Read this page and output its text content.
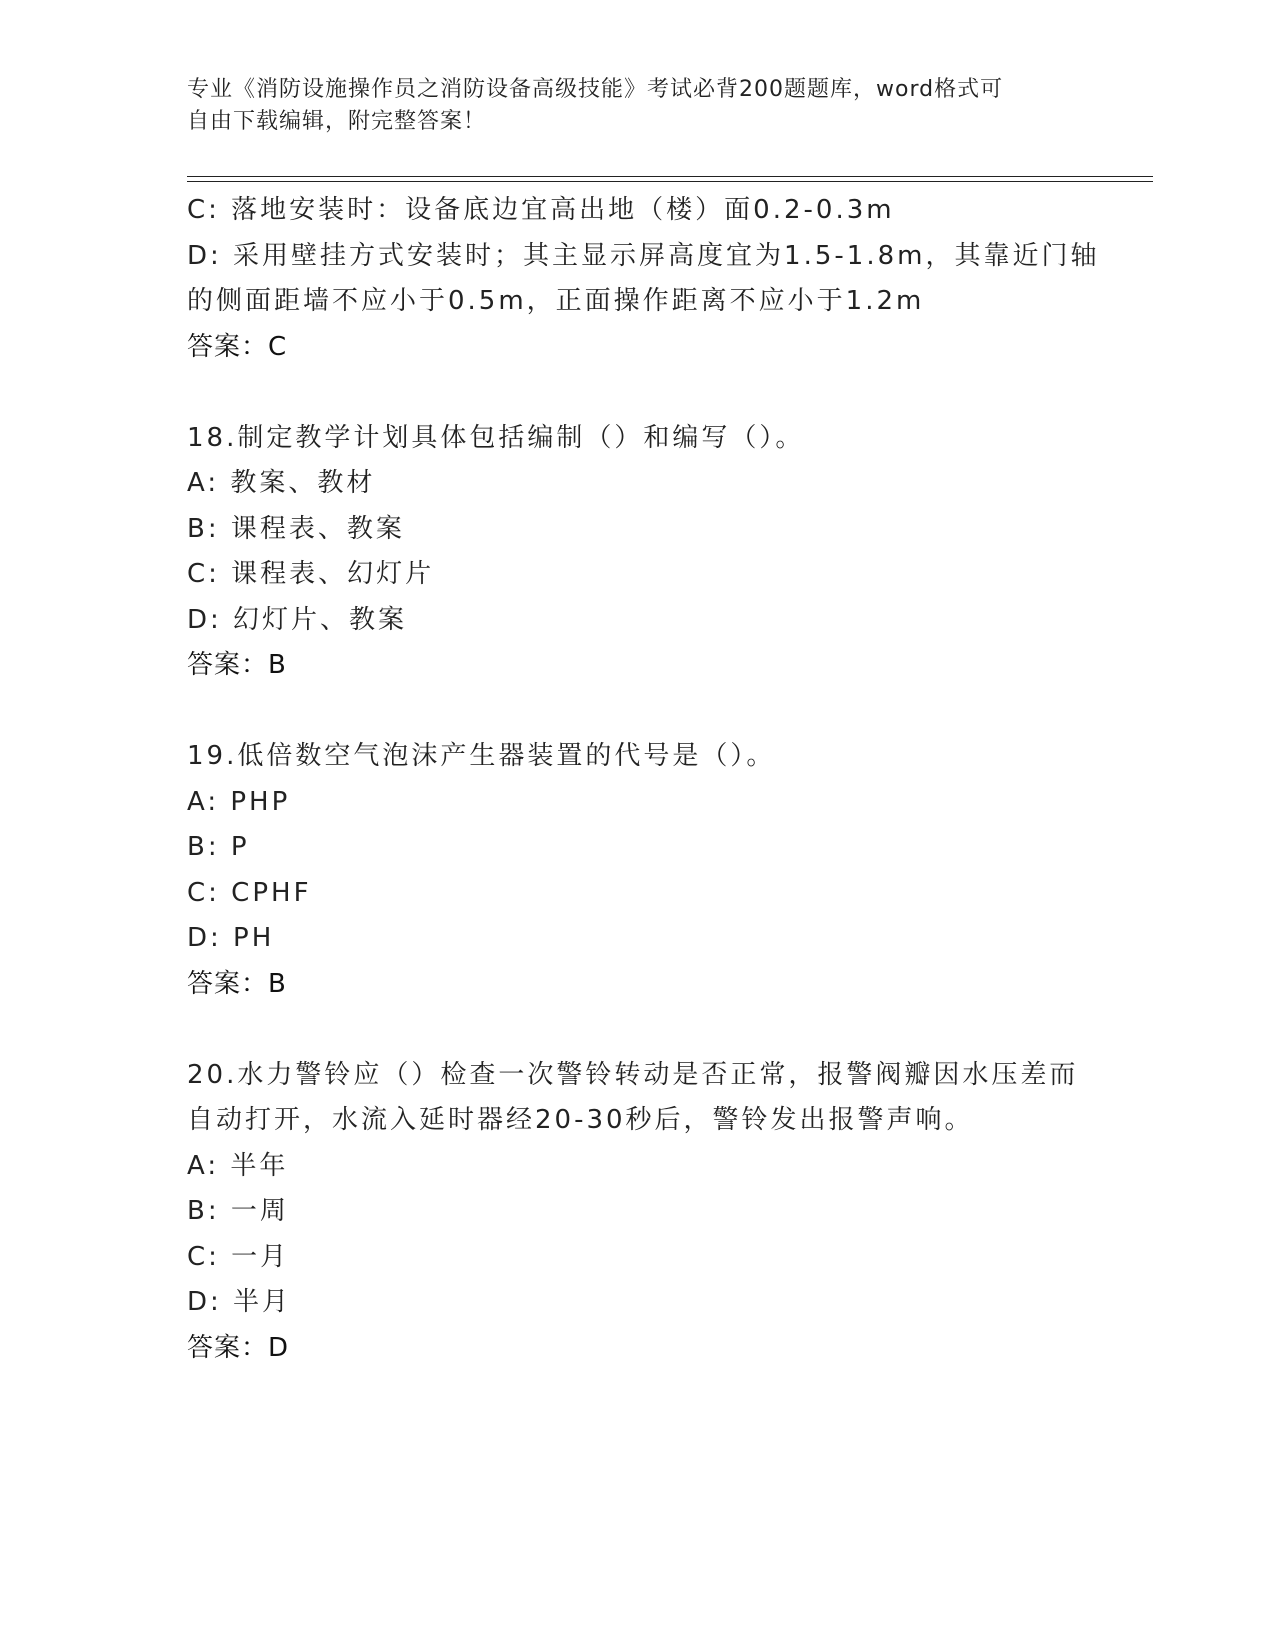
专业《消防设施操作员之消防设备高级技能》考试必背200题题库，word格式可
自由下载编辑，附完整答案！
C: 落地安装时：设备底边宜高出地（楼）面0.2-0.3m
D: 采用壁挂方式安装时；其主显示屏高度宜为1.5-1.8m，其靠近门轴
的侧面距墙不应小于0.5m，正面操作距离不应小于1.2m
答案：C
18.制定教学计划具体包括编制（）和编写（）。
A: 教案、教材
B: 课程表、教案
C: 课程表、幻灯片
D: 幻灯片、教案
答案：B
19.低倍数空气泡沫产生器装置的代号是（）。
A: PHP
B: P
C: CPHF
D: PH
答案：B
20.水力警铃应（）检查一次警铃转动是否正常，报警阀瓣因水压差而
自动打开，水流入延时器经20-30秒后，警铃发出报警声响。
A: 半年
B: 一周
C: 一月
D: 半月
答案：D
